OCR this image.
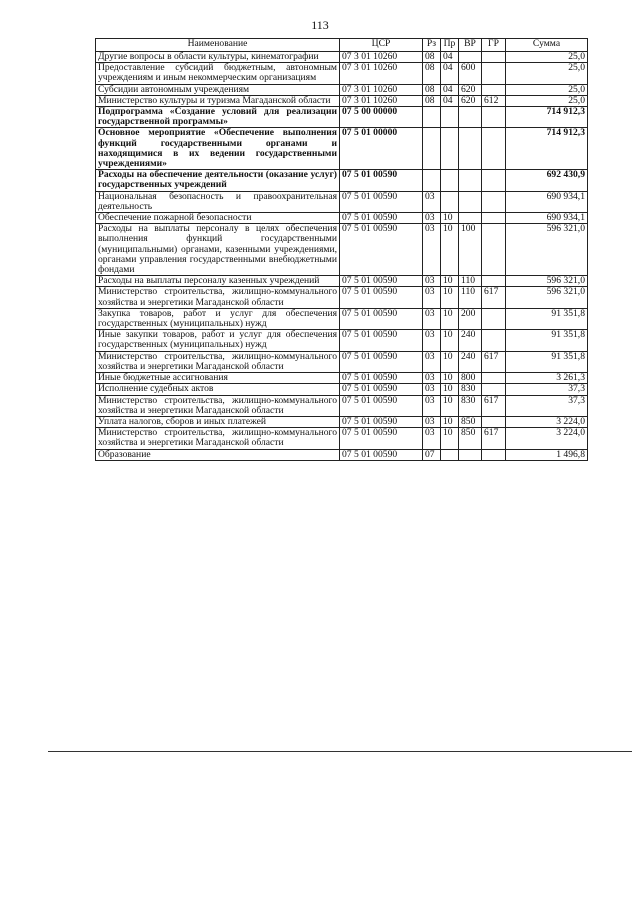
113
Наименование	ЦСР	Рз	Пр	ВР	ГР	Сумма
Другие вопросы в области культуры, кинематографии	07 3 01 10260	08	04			25,0
Предоставление субсидий бюджетным, автономным учреждениям и иным некоммерческим организациям	07 3 01 10260	08	04	600		25,0
Субсидии автономным учреждениям	07 3 01 10260	08	04	620		25,0
Министерство культуры и туризма Магаданской области	07 3 01 10260	08	04	620	612	25,0
Подпрограмма «Создание условий для реализации государственной программы»	07 5 00 00000					714 912,3
Основное мероприятие «Обеспечение выполнения функций государственными органами и находящимися в их ведении государственными учреждениями»	07 5 01 00000					714 912,3
Расходы на обеспечение деятельности (оказание услуг) государственных учреждений	07 5 01 00590					692 430,9
Национальная безопасность и правоохранительная деятельность	07 5 01 00590	03				690 934,1
Обеспечение пожарной безопасности	07 5 01 00590	03	10			690 934,1
Расходы на выплаты персоналу в целях обеспечения выполнения функций государственными (муниципальными) органами, казенными учреждениями, органами управления государственными внебюджетными фондами	07 5 01 00590	03	10	100		596 321,0
Расходы на выплаты персоналу казенных учреждений	07 5 01 00590	03	10	110		596 321,0
Министерство строительства, жилищно-коммунального хозяйства и энергетики Магаданской области	07 5 01 00590	03	10	110	617	596 321,0
Закупка товаров, работ и услуг для обеспечения государственных (муниципальных) нужд	07 5 01 00590	03	10	200		91 351,8
Иные закупки товаров, работ и услуг для обеспечения государственных (муниципальных) нужд	07 5 01 00590	03	10	240		91 351,8
Министерство строительства, жилищно-коммунального хозяйства и энергетики Магаданской области	07 5 01 00590	03	10	240	617	91 351,8
Иные бюджетные ассигнования	07 5 01 00590	03	10	800		3 261,3
Исполнение судебных актов	07 5 01 00590	03	10	830		37,3
Министерство строительства, жилищно-коммунального хозяйства и энергетики Магаданской области	07 5 01 00590	03	10	830	617	37,3
Уплата налогов, сборов и иных платежей	07 5 01 00590	03	10	850		3 224,0
Министерство строительства, жилищно-коммунального хозяйства и энергетики Магаданской области	07 5 01 00590	03	10	850	617	3 224,0
Образование	07 5 01 00590	07				1 496,8
